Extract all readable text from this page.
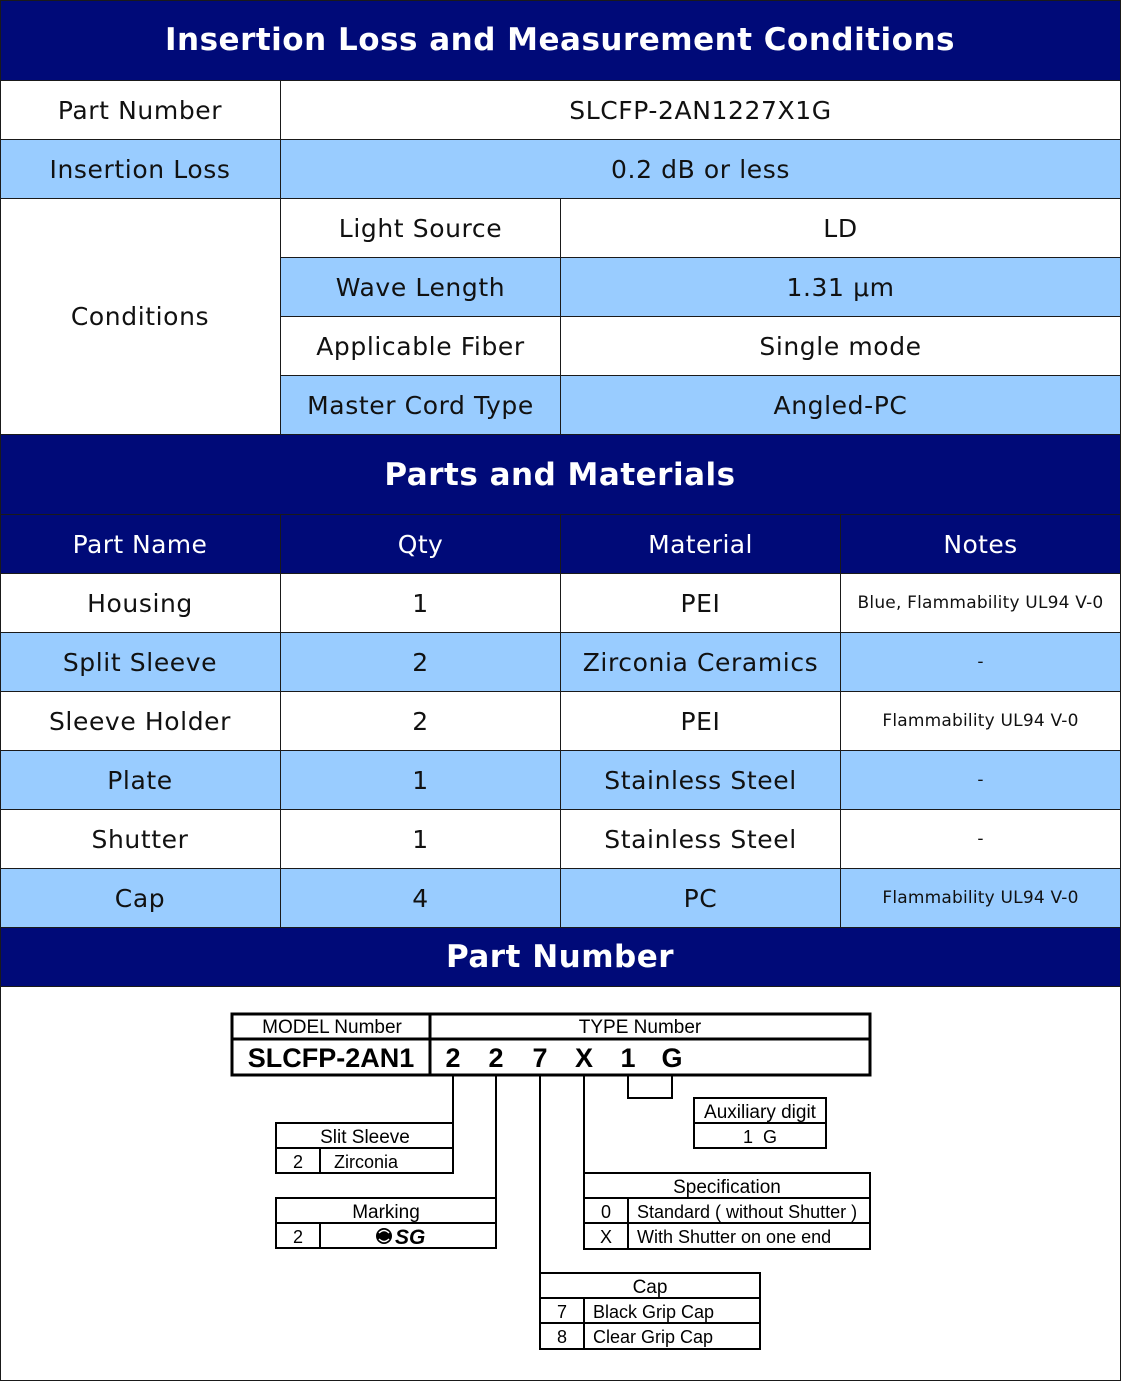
Insertion Loss and Measurement Conditions
Part Number	SLCFP-2AN1227X1G
Insertion Loss	0.2 dB or less
Conditions
Light Source	LD
Wave Length	1.31 μm
Applicable Fiber	Single mode
Master Cord Type	Angled-PC
Parts and Materials
Part Name	Qty	Material	Notes
Housing	1	PEI	Blue, Flammability UL94 V-0
Split Sleeve	2	Zirconia Ceramics	-
Sleeve Holder	2	PEI	Flammability UL94 V-0
Plate	1	Stainless Steel	-
Shutter	1	Stainless Steel	-
Cap	4	PC	Flammability UL94 V-0
Part Number
MODEL Number	TYPE Number
SLCFP-2AN1 2 2 7 X 1 G
Auxiliary digit
1  G
Slit Sleeve
2 Zirconia
Marking
2	SG
Specification
0 Standard ( without Shutter )
X With Shutter on one end
Cap
7 Black Grip Cap
8 Clear Grip Cap
